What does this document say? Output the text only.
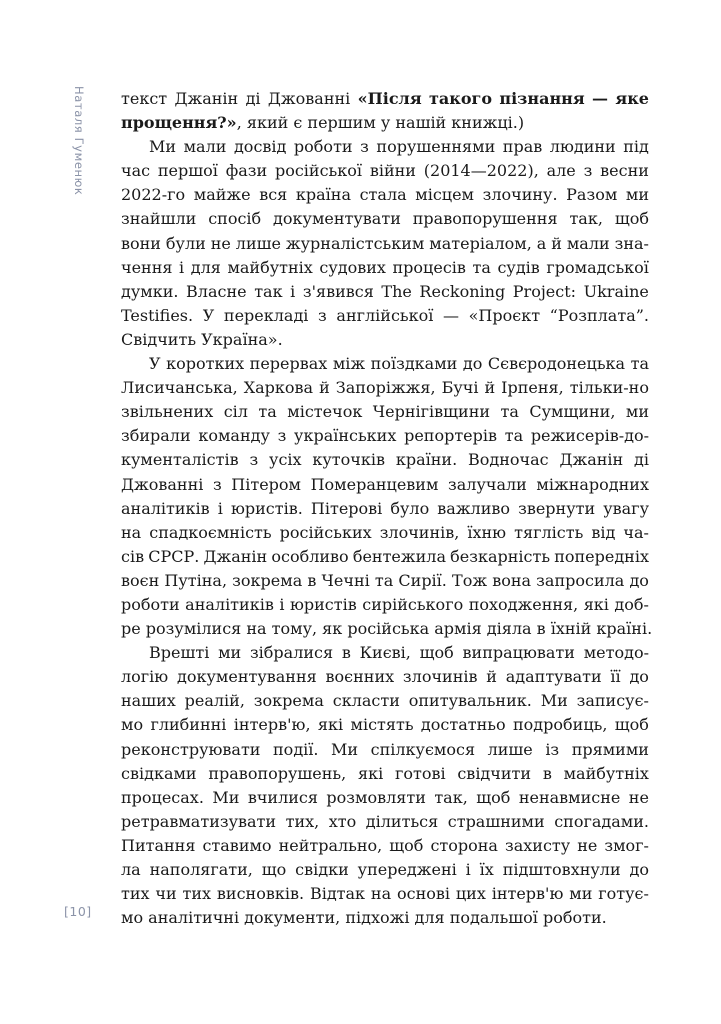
Наталя Гуменюк
[10]
текст Джанін ді Джованні «Після такого пізнання — яке
прощення?» , який є першим у нашій книжці.)
Ми мали досвід роботи з порушеннями прав людини під
час першої фази російської війни (2014—2022), але з весни
2022-го майже вся країна стала місцем злочину. Разом ми
знайшли спосіб документувати правопорушення так, щоб
вони були не лише журналістським матеріалом, а й мали зна-
чення і для майбутніх судових процесів та судів громадської
думки. Власне так і з'явився The Reckoning Project: Ukraine
Testifies. У перекладі з англійської — «Проєкт “Розплата”.
Свідчить Україна».
У коротких перервах між поїздками до Сєвєродонецька та
Лисичанська, Харкова й Запоріжжя, Бучі й Ірпеня, тільки-но
звільнених сіл та містечок Чернігівщини та Сумщини, ми
збирали команду з українських репортерів та режисерів-до-
кументалістів з усіх куточків країни. Водночас Джанін ді
Джованні з Пітером Померанцевим залучали міжнародних
аналітиків і юристів. Пітерові було важливо звернути увагу
на спадкоємність російських злочинів, їхню тяглість від ча-
сів СРСР. Джанін особливо бентежила безкарність попередніх
воєн Путіна, зокрема в Чечні та Сирії. Тож вона запросила до
роботи аналітиків і юристів сирійського походження, які доб-
ре розумілися на тому, як російська армія діяла в їхній країні.
Врешті ми зібралися в Києві, щоб випрацювати методо-
логію документування воєнних злочинів й адаптувати її до
наших реалій, зокрема скласти опитувальник. Ми записує-
мо глибинні інтерв'ю, які містять достатньо подробиць, щоб
реконструювати події. Ми спілкуємося лише із прямими
свідками правопорушень, які готові свідчити в майбутніх
процесах. Ми вчилися розмовляти так, щоб ненавмисне не
ретравматизувати тих, хто ділиться страшними спогадами.
Питання ставимо нейтрально, щоб сторона захисту не змог-
ла наполягати, що свідки упереджені і їх підштовхнули до
тих чи тих висновків. Відтак на основі цих інтерв'ю ми готує-
мо аналітичні документи, підхожі для подальшої роботи.
